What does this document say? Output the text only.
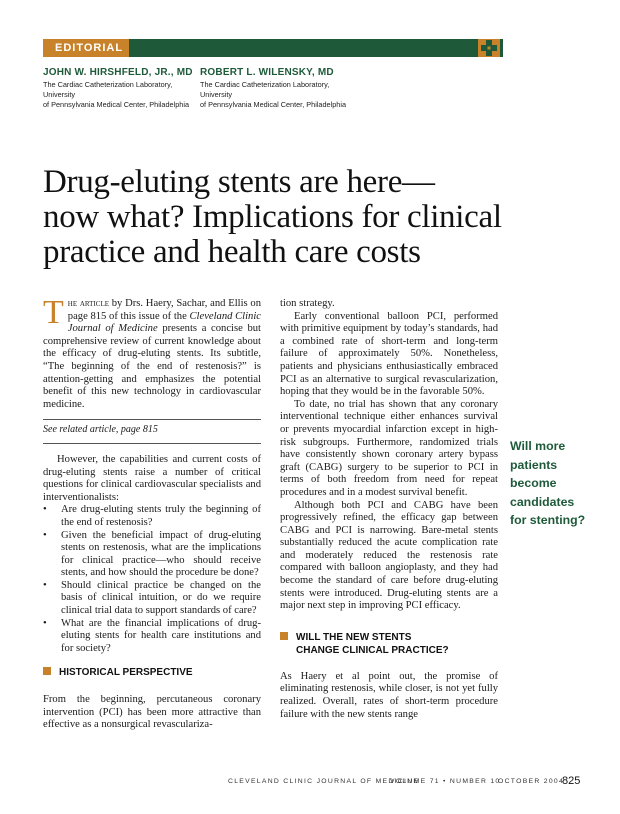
EDITORIAL
JOHN W. HIRSHFELD, JR., MD
The Cardiac Catheterization Laboratory, University
of Pennsylvania Medical Center, Philadelphia
ROBERT L. WILENSKY, MD
The Cardiac Catheterization Laboratory, University
of Pennsylvania Medical Center, Philadelphia
Drug-eluting stents are here—
now what? Implications for clinical
practice and health care costs

The article by Drs. Haery, Sachar, and Ellis on page 815 of this issue of the Cleveland Clinic Journal of Medicine presents a concise but comprehensive review of current knowledge about the efficacy of drug-eluting stents. Its subtitle, “The beginning of the end of restenosis?” is attention-getting and emphasizes the potential benefit of this new technology in cardiovascular medicine.

See related article, page 815

However, the capabilities and current costs of drug-eluting stents raise a number of critical questions for clinical cardiovascular specialists and interventionalists:

• Are drug-eluting stents truly the beginning of the end of restenosis?
• Given the beneficial impact of drug-eluting stents on restenosis, what are the implications for clinical practice—who should receive stents, and how should the procedure be done?
• Should clinical practice be changed on the basis of clinical intuition, or do we require clinical trial data to support standards of care?
• What are the financial implications of drug-eluting stents for health care institutions and for society?
HISTORICAL PERSPECTIVE

From the beginning, percutaneous coronary intervention (PCI) has been more attractive than effective as a nonsurgical revasculariza-

tion strategy.

Early conventional balloon PCI, performed with primitive equipment by today’s standards, had a combined rate of short-term and long-term failure of approximately 50%. Nonetheless, patients and physicians enthusiastically embraced PCI as an alternative to surgical revascularization, hoping that they would be in the favorable 50%.

To date, no trial has shown that any coronary interventional technique either enhances survival or prevents myocardial infarction except in high-risk subgroups. Furthermore, randomized trials have consistently shown coronary artery bypass graft (CABG) surgery to be superior to PCI in terms of both freedom from need for repeat procedures and in a modest survival benefit.

Although both PCI and CABG have been progressively refined, the efficacy gap between CABG and PCI is narrowing. Bare-metal stents substantially reduced the acute complication rate and moderately reduced the restenosis rate compared with balloon angioplasty, and they had become the standard of care before drug-eluting stents were introduced. Drug-eluting stents are a major next step in improving PCI efficacy.

WILL THE NEW STENTS
CHANGE CLINICAL PRACTICE?

As Haery et al point out, the promise of eliminating restenosis, while closer, is not yet fully realized. Overall, rates of short-term procedure failure with the new stents range

Will more
patients
become
candidates
for stenting?
CLEVELAND CLINIC JOURNAL OF MEDICINE
VOLUME 71 • NUMBER 10
OCTOBER 2004
825
